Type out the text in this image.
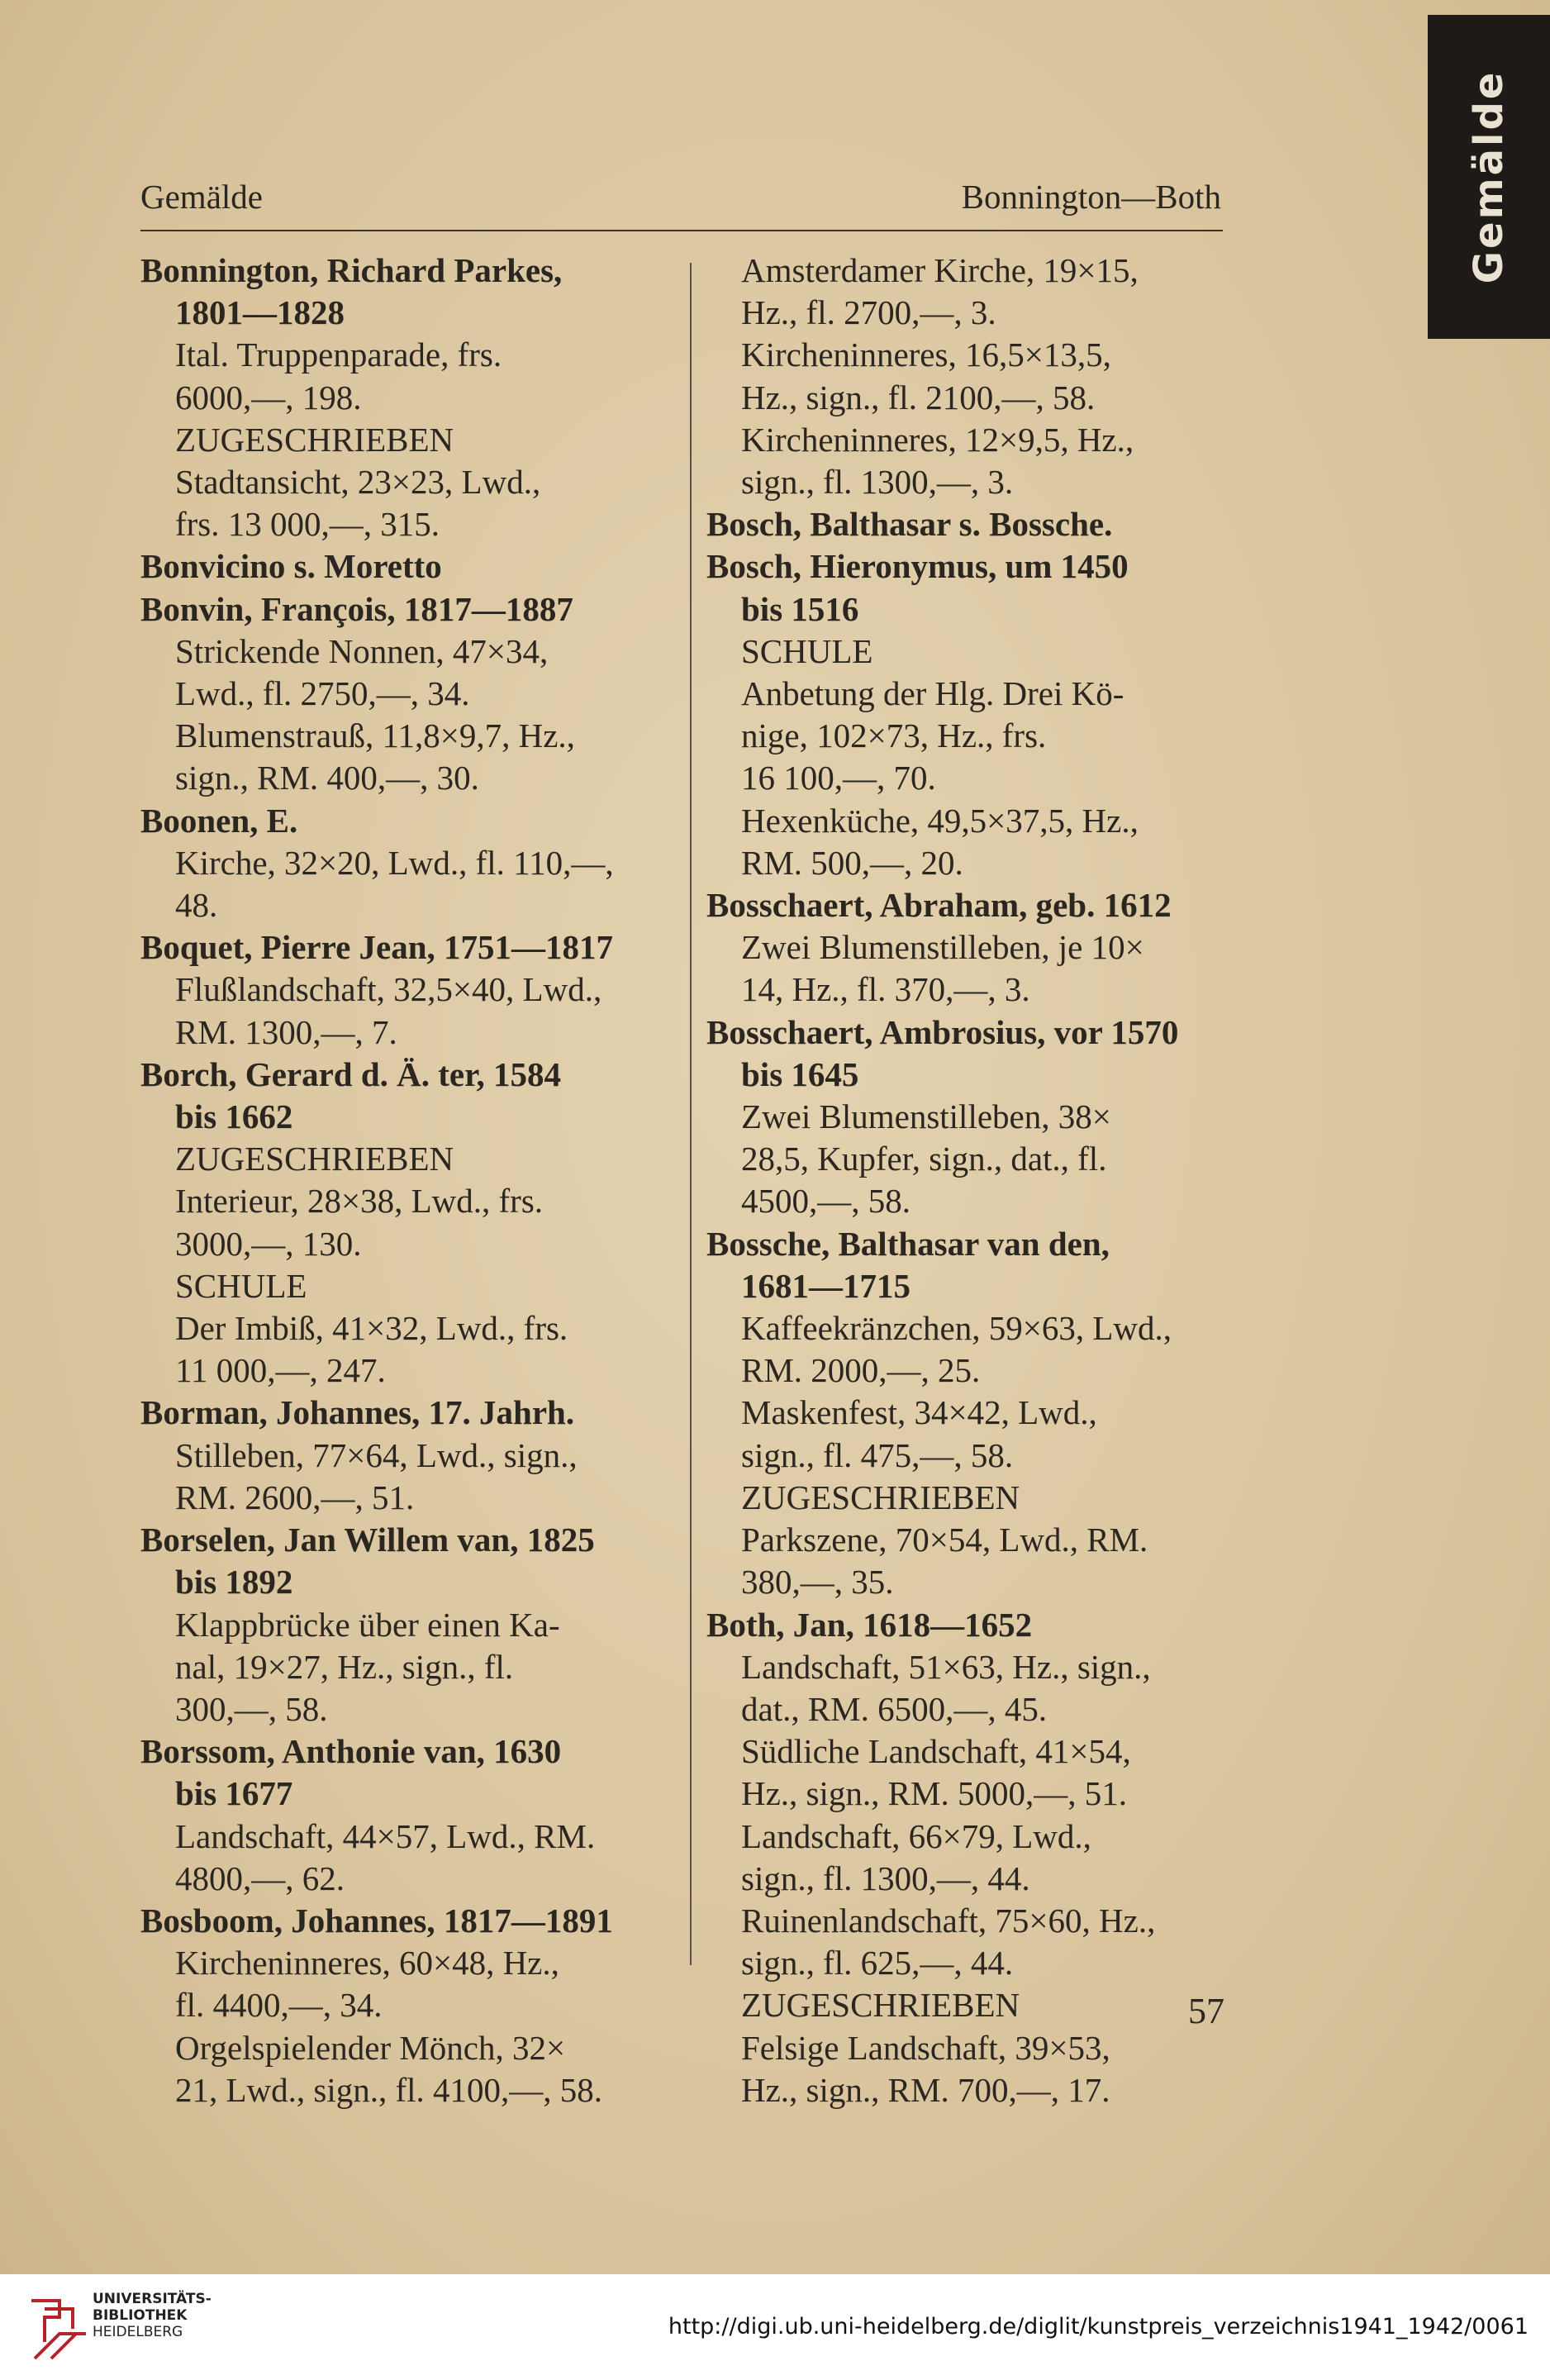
Gemälde
Gemälde	Bonnington—Both
Bonnington, Richard Parkes,
1801—1828
Ital. Truppenparade, frs.
6000,—, 198.
ZUGESCHRIEBEN
Stadtansicht, 23×23, Lwd.,
frs. 13 000,—, 315.
Bonvicino s. Moretto
Bonvin, François, 1817—1887
Strickende Nonnen, 47×34,
Lwd., fl. 2750,—, 34.
Blumenstrauß, 11,8×9,7, Hz.,
sign., RM. 400,—, 30.
Boonen, E.
Kirche, 32×20, Lwd., fl. 110,—,
48.
Boquet, Pierre Jean, 1751—1817
Flußlandschaft, 32,5×40, Lwd.,
RM. 1300,—, 7.
Borch, Gerard d. Ä. ter, 1584
bis 1662
ZUGESCHRIEBEN
Interieur, 28×38, Lwd., frs.
3000,—, 130.
SCHULE
Der Imbiß, 41×32, Lwd., frs.
11 000,—, 247.
Borman, Johannes, 17. Jahrh.
Stilleben, 77×64, Lwd., sign.,
RM. 2600,—, 51.
Borselen, Jan Willem van, 1825
bis 1892
Klappbrücke über einen Ka-
nal, 19×27, Hz., sign., fl.
300,—, 58.
Borssom, Anthonie van, 1630
bis 1677
Landschaft, 44×57, Lwd., RM.
4800,—, 62.
Bosboom, Johannes, 1817—1891
Kircheninneres, 60×48, Hz.,
fl. 4400,—, 34.
Orgelspielender Mönch, 32×
21, Lwd., sign., fl. 4100,—, 58.
Amsterdamer Kirche, 19×15,
Hz., fl. 2700,—, 3.
Kircheninneres, 16,5×13,5,
Hz., sign., fl. 2100,—, 58.
Kircheninneres, 12×9,5, Hz.,
sign., fl. 1300,—, 3.
Bosch, Balthasar s. Bossche.
Bosch, Hieronymus, um 1450
bis 1516
SCHULE
Anbetung der Hlg. Drei Kö-
nige, 102×73, Hz., frs.
16 100,—, 70.
Hexenküche, 49,5×37,5, Hz.,
RM. 500,—, 20.
Bosschaert, Abraham, geb. 1612
Zwei Blumenstilleben, je 10×
14, Hz., fl. 370,—, 3.
Bosschaert, Ambrosius, vor 1570
bis 1645
Zwei Blumenstilleben, 38×
28,5, Kupfer, sign., dat., fl.
4500,—, 58.
Bossche, Balthasar van den,
1681—1715
Kaffeekränzchen, 59×63, Lwd.,
RM. 2000,—, 25.
Maskenfest, 34×42, Lwd.,
sign., fl. 475,—, 58.
ZUGESCHRIEBEN
Parkszene, 70×54, Lwd., RM.
380,—, 35.
Both, Jan, 1618—1652
Landschaft, 51×63, Hz., sign.,
dat., RM. 6500,—, 45.
Südliche Landschaft, 41×54,
Hz., sign., RM. 5000,—, 51.
Landschaft, 66×79, Lwd.,
sign., fl. 1300,—, 44.
Ruinenlandschaft, 75×60, Hz.,
sign., fl. 625,—, 44.
ZUGESCHRIEBEN
Felsige Landschaft, 39×53,
Hz., sign., RM. 700,—, 17.
57
UNIVERSITÄTS-
BIBLIOTHEK
HEIDELBERG	http://digi.ub.uni-heidelberg.de/diglit/kunstpreis_verzeichnis1941_1942/0061
